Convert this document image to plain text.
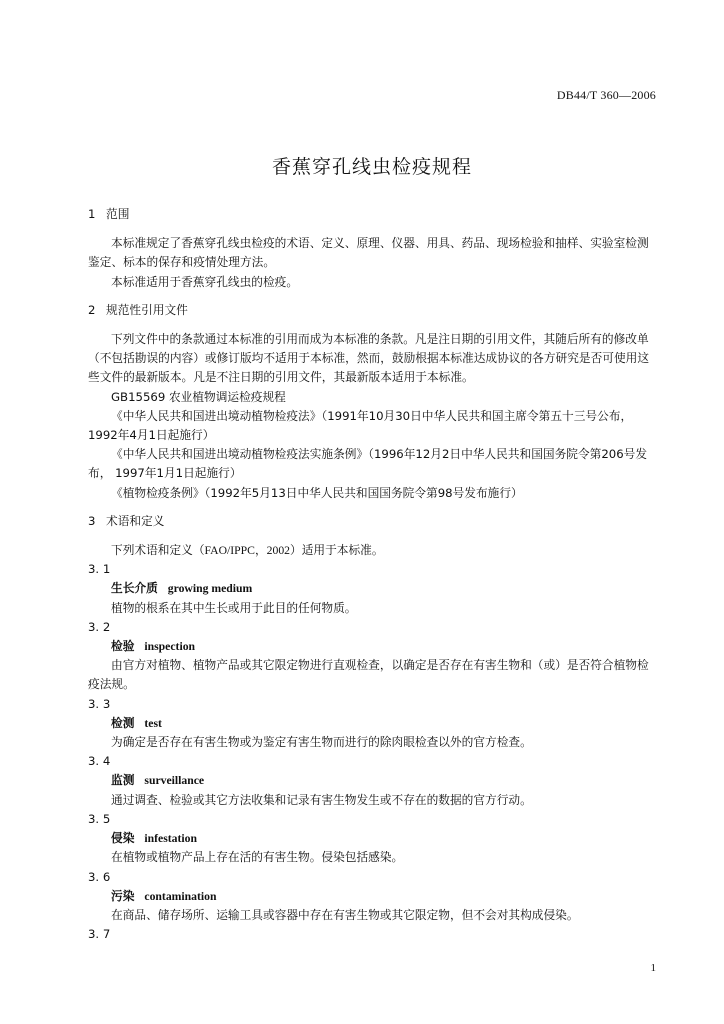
DB44/T 360—2006
香蕉穿孔线虫检疫规程

1 范围

本标准规定了香蕉穿孔线虫检疫的术语、定义、原理、仪器、用具、药品、现场检验和抽样、实验室检测鉴定、标本的保存和疫情处理方法。

本标准适用于香蕉穿孔线虫的检疫。

2 规范性引用文件

下列文件中的条款通过本标准的引用而成为本标准的条款。凡是注日期的引用文件，其随后所有的修改单（不包括勘误的内容）或修订版均不适用于本标准，然而，鼓励根据本标准达成协议的各方研究是否可使用这些文件的最新版本。凡是不注日期的引用文件，其最新版本适用于本标准。

GB15569 农业植物调运检疫规程

《中华人民共和国进出境动植物检疫法》（1991年10月30日中华人民共和国主席令第五十三号公布，1992年4月1日起施行）

《中华人民共和国进出境动植物检疫法实施条例》（1996年12月2日中华人民共和国国务院令第206号发布， 1997年1月1日起施行）

《植物检疫条例》（1992年5月13日中华人民共和国国务院令第98号发布施行）

3 术语和定义

下列术语和定义（FAO/IPPC，2002）适用于本标准。

3. 1

生长介质 growing medium

植物的根系在其中生长或用于此目的任何物质。

3. 2

检验 inspection

由官方对植物、植物产品或其它限定物进行直观检查，以确定是否存在有害生物和（或）是否符合植物检疫法规。

3. 3

检测 test

为确定是否存在有害生物或为鉴定有害生物而进行的除肉眼检查以外的官方检查。

3. 4

监测 surveillance

通过调查、检验或其它方法收集和记录有害生物发生或不存在的数据的官方行动。

3. 5

侵染 infestation

在植物或植物产品上存在活的有害生物。侵染包括感染。

3. 6

污染 contamination

在商品、储存场所、运输工具或容器中存在有害生物或其它限定物，但不会对其构成侵染。

3. 7

1
